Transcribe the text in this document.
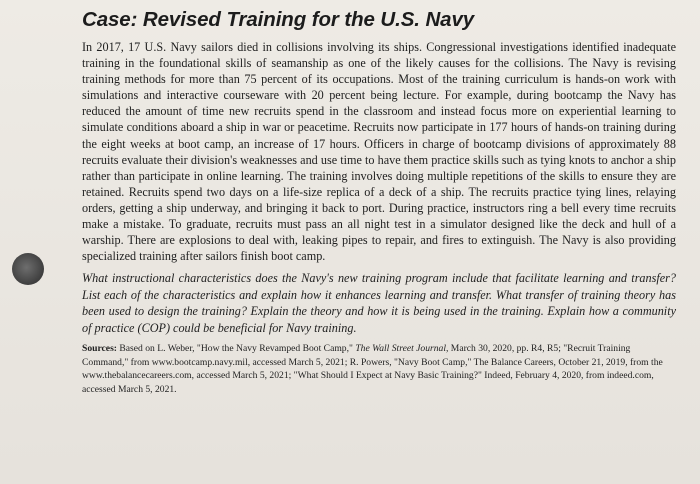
Case: Revised Training for the U.S. Navy

In 2017, 17 U.S. Navy sailors died in collisions involving its ships. Congressional investigations identified inadequate training in the foundational skills of seamanship as one of the likely causes for the collisions. The Navy is revising training methods for more than 75 percent of its occupations. Most of the training curriculum is hands-on work with simulations and interactive courseware with 20 percent being lecture. For example, during bootcamp the Navy has reduced the amount of time new recruits spend in the classroom and instead focus more on experiential learning to simulate conditions aboard a ship in war or peacetime. Recruits now participate in 177 hours of hands-on training during the eight weeks at boot camp, an increase of 17 hours. Officers in charge of bootcamp divisions of approximately 88 recruits evaluate their division's weaknesses and use time to have them practice skills such as tying knots to anchor a ship rather than participate in online learning. The training involves doing multiple repetitions of the skills to ensure they are retained. Recruits spend two days on a life-size replica of a deck of a ship. The recruits practice tying lines, relaying orders, getting a ship underway, and bringing it back to port. During practice, instructors ring a bell every time recruits make a mistake. To graduate, recruits must pass an all night test in a simulator designed like the deck and hull of a warship. There are explosions to deal with, leaking pipes to repair, and fires to extinguish. The Navy is also providing specialized training after sailors finish boot camp.

What instructional characteristics does the Navy's new training program include that facilitate learning and transfer? List each of the characteristics and explain how it enhances learning and transfer. What transfer of training theory has been used to design the training? Explain the theory and how it is being used in the training. Explain how a community of practice (COP) could be beneficial for Navy training.

Sources: Based on L. Weber, "How the Navy Revamped Boot Camp," The Wall Street Journal, March 30, 2020, pp. R4, R5; "Recruit Training Command," from www.bootcamp.navy.mil, accessed March 5, 2021; R. Powers, "Navy Boot Camp," The Balance Careers, October 21, 2019, from the www.thebalancecareers.com, accessed March 5, 2021; "What Should I Expect at Navy Basic Training?" Indeed, February 4, 2020, from indeed.com, accessed March 5, 2021.
